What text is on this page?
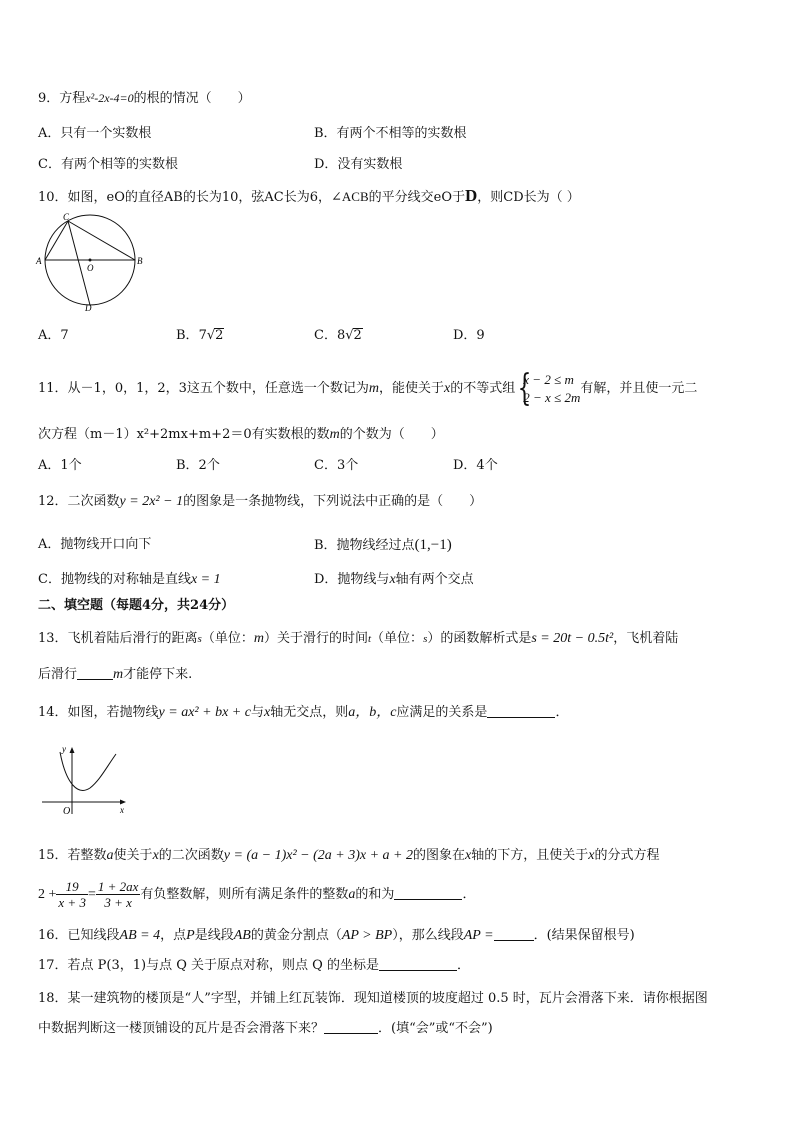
9．方程x²-2x-4=0的根的情况（　　）
A．只有一个实数根	B．有两个不相等的实数根
C．有两个相等的实数根	D．没有实数根
10．如图，eO的直径AB的长为10，弦AC长为6，∠ACB的平分线交eO于D，则CD长为（ ）
C
A
O
B
D
A．7	B．7√2	C．8√2	D．9
11．从－1，0，1，2，3这五个数中，任意选一个数记为m，能使关于x的不等式组 {
x − 2 ≤ m
2 − x ≤ 2m
有解，并且使一元二
次方程（m－1）x²+2mx+m+2＝0有实数根的数m的个数为（　　）
A．1个	B．2个	C．3个	D．4个
12．二次函数y = 2x² − 1的图象是一条抛物线，下列说法中正确的是（　　）
A．抛物线开口向下	B．抛物线经过点(1,−1)
C．抛物线的对称轴是直线x = 1	D．抛物线与x轴有两个交点
二、填空题（每题4分，共24分）
13．飞机着陆后滑行的距离s（单位：m）关于滑行的时间t（单位：s）的函数解析式是s = 20t − 0.5t²，飞机着陆
后滑行	m才能停下来.
14．如图，若抛物线y = ax² + bx + c与x轴无交点，则a，b，c应满足的关系是	．
y
O	x
15．若整数a使关于x的二次函数y = (a − 1)x² − (2a + 3)x + a + 2的图象在x轴的下方，且使关于x的分式方程
$2 + \frac{19}{x + 3} = \frac{1 + 2ax}{3 + x}$ 有负整数解，则所有满足条件的整数a的和为	．
16．已知线段AB = 4，点P是线段AB的黄金分割点（AP > BP），那么线段AP =	．(结果保留根号)
17．若点 P(3，1)与点 Q 关于原点对称，则点 Q 的坐标是	．
18．某一建筑物的楼顶是“人”字型，并铺上红瓦装饰．现知道楼顶的坡度超过 0.5 时，瓦片会滑落下来．请你根据图
中数据判断这一楼顶铺设的瓦片是否会滑落下来？	．(填“会”或“不会”)
